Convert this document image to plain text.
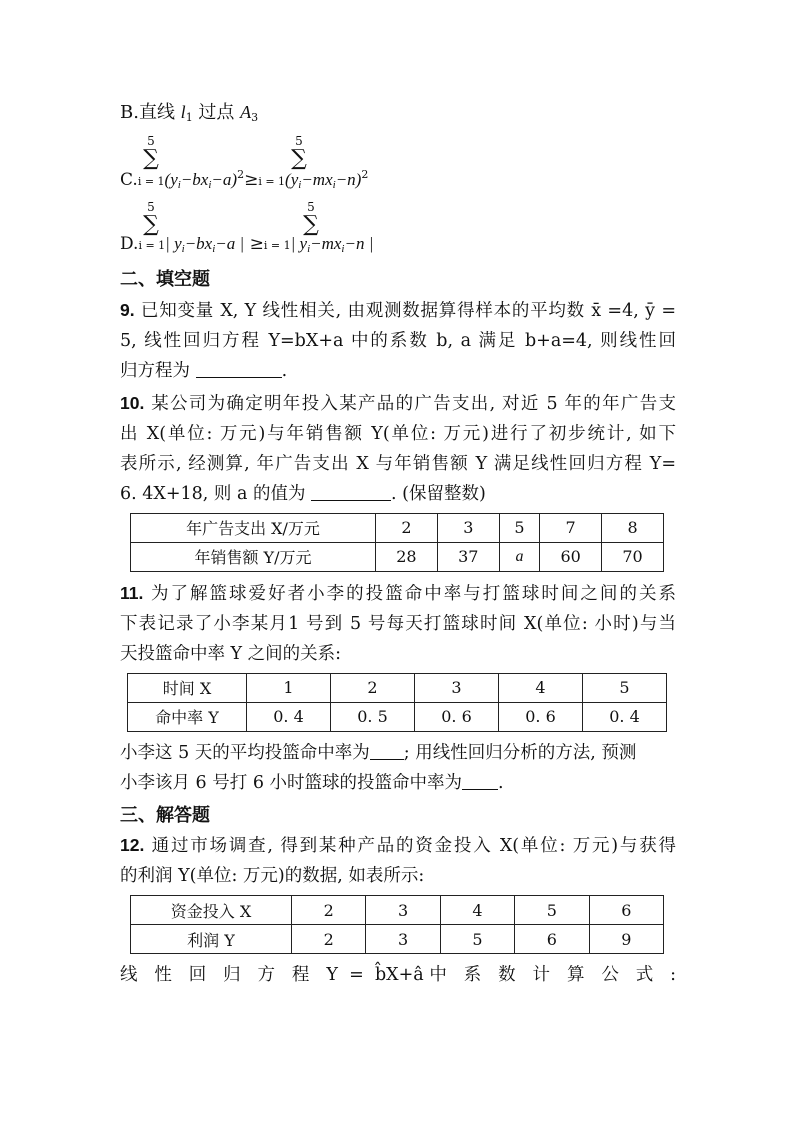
B.直线 $l_1$ 过点 $A_3$
5
∑
5
∑
$C.i = 1(y_i-bx_i-a)^2\ge i = 1(y_i-mx_i-n)^2$
5
∑
5
∑
D.i = 1| $y_i-bx_i-a$ | ≥i = 1| $y_i-mx_i-n$ |
二、填空题
9. 已知变量 X, Y 线性相关, 由观测数据算得样本的平均数 x̄ =4, ȳ =
5, 线性回归方程 Y=bX+a 中的系数 b, a 满足 b+a=4, 则线性回
归方程为	.
10. 某公司为确定明年投入某产品的广告支出, 对近 5 年的年广告支
出 X(单位: 万元)与年销售额 Y(单位: 万元)进行了初步统计, 如下
表所示, 经测算, 年广告支出 X 与年销售额 Y 满足线性回归方程 Y=
6. 4X+18, 则 a 的值为	. (保留整数)
年广告支出 X/万元	2	3	5	7	8
年销售额 Y/万元	28	37	a	60	70
11. 为了解篮球爱好者小李的投篮命中率与打篮球时间之间的关系
下表记录了小李某月1 号到 5 号每天打篮球时间 X(单位: 小时)与当
天投篮命中率 Y 之间的关系:
时间 X	1	2	3	4	5
命中率 Y	0. 4	0. 5	0. 6	0. 6	0. 4
小李这 5 天的平均投篮命中率为 ; 用线性回归分析的方法, 预测
小李该月 6 号打 6 小时篮球的投篮命中率为 .
三、解答题
12. 通过市场调查, 得到某种产品的资金投入 X(单位: 万元)与获得
的利润 Y(单位: 万元)的数据, 如表所示:
资金投入 X	2	3	4	5	6
利润 Y	2	3	5	6	9
线 性 回 归 方 程 Y = b̂X+â中 系 数 计 算 公 式 :
